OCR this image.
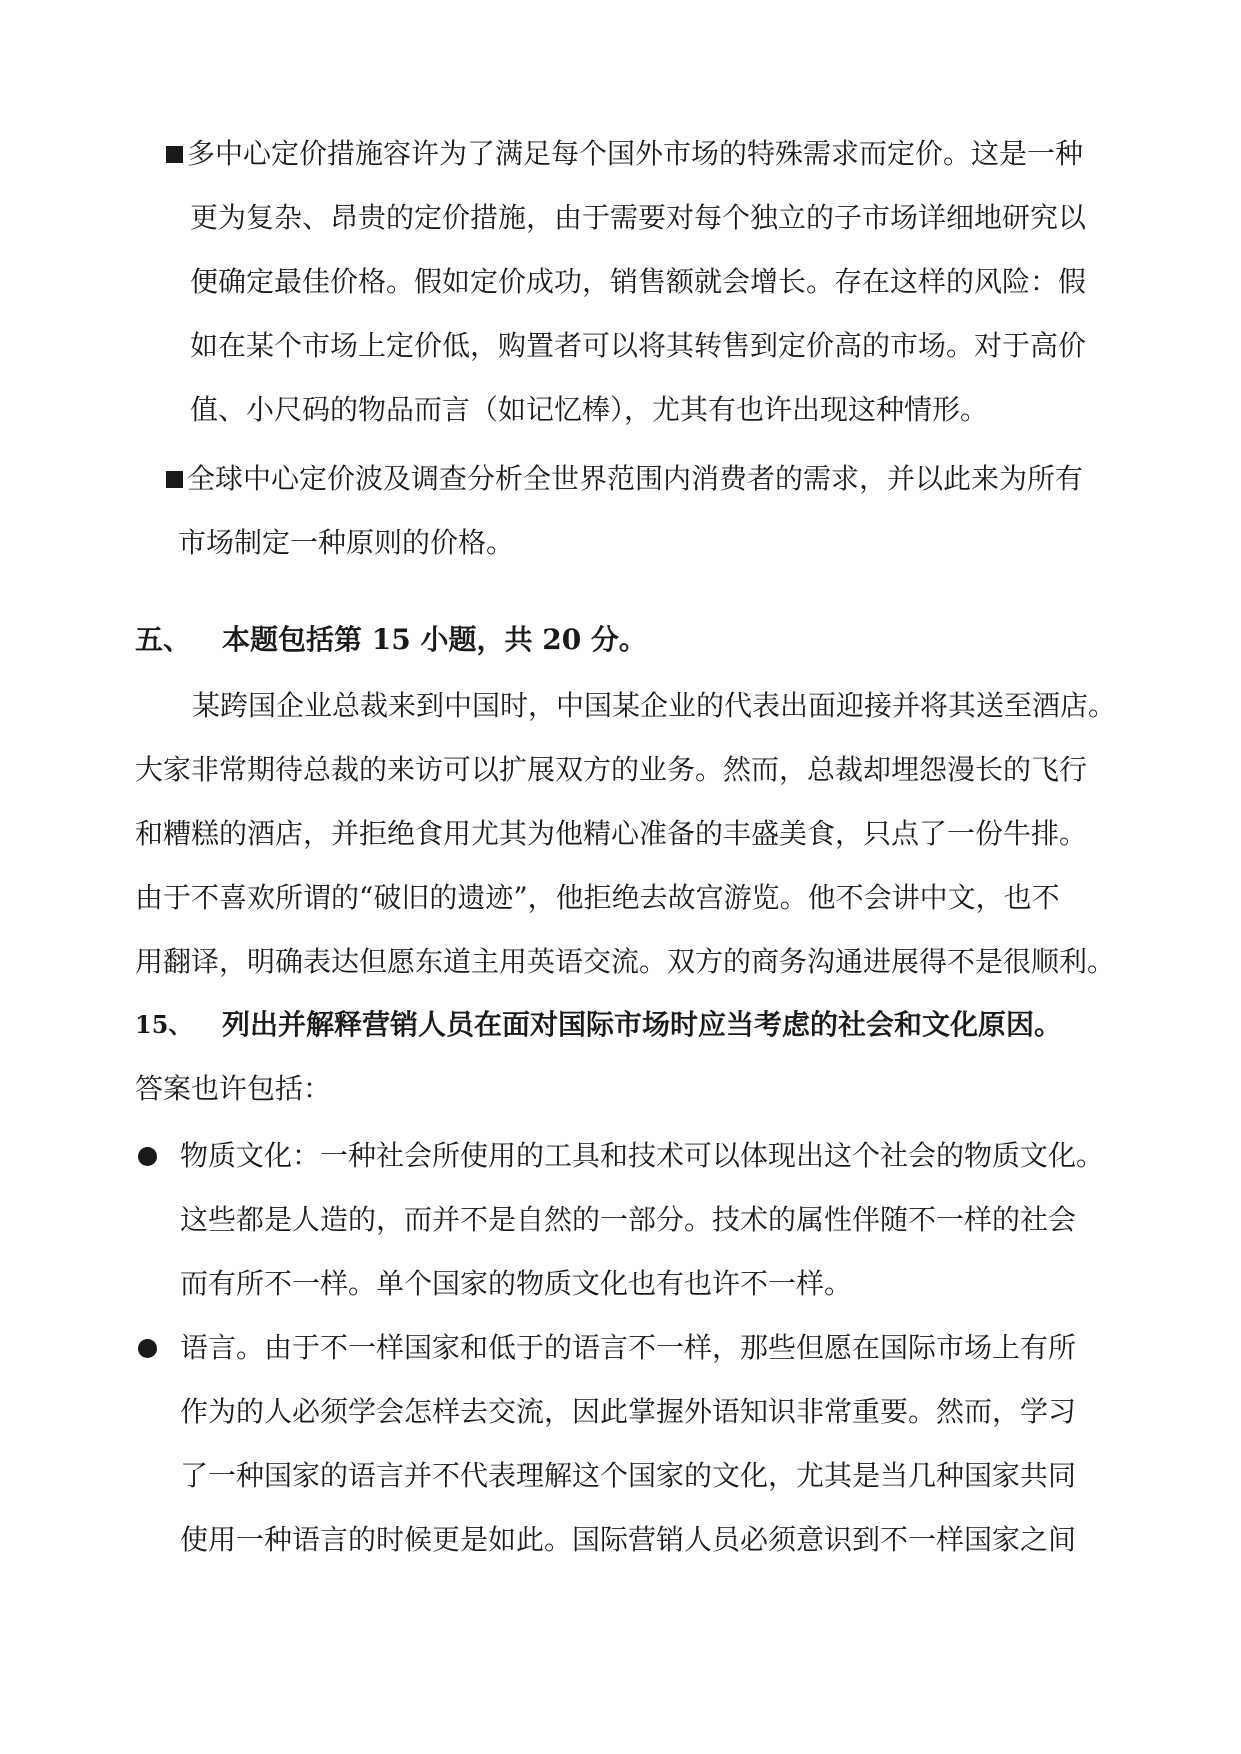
多中心定价措施容许为了满足每个国外市场的特殊需求而定价。这是一种
更为复杂、昂贵的定价措施，由于需要对每个独立的子市场详细地研究以
便确定最佳价格。假如定价成功，销售额就会增长。存在这样的风险：假
如在某个市场上定价低，购置者可以将其转售到定价高的市场。对于高价
值、小尺码的物品而言（如记忆棒），尤其有也许出现这种情形。
全球中心定价波及调查分析全世界范围内消费者的需求，并以此来为所有
市场制定一种原则的价格。
五、 本题包括第 15 小题，共 20 分。
某跨国企业总裁来到中国时，中国某企业的代表出面迎接并将其送至酒店。
大家非常期待总裁的来访可以扩展双方的业务。然而，总裁却埋怨漫长的飞行
和糟糕的酒店，并拒绝食用尤其为他精心准备的丰盛美食，只点了一份牛排。
由于不喜欢所谓的“破旧的遗迹”，他拒绝去故宫游览。他不会讲中文，也不
用翻译，明确表达但愿东道主用英语交流。双方的商务沟通进展得不是很顺利。
15、 列出并解释营销人员在面对国际市场时应当考虑的社会和文化原因。
答案也许包括：
物质文化：一种社会所使用的工具和技术可以体现出这个社会的物质文化。
这些都是人造的，而并不是自然的一部分。技术的属性伴随不一样的社会
而有所不一样。单个国家的物质文化也有也许不一样。
语言。由于不一样国家和低于的语言不一样，那些但愿在国际市场上有所
作为的人必须学会怎样去交流，因此掌握外语知识非常重要。然而，学习
了一种国家的语言并不代表理解这个国家的文化，尤其是当几种国家共同
使用一种语言的时候更是如此。国际营销人员必须意识到不一样国家之间
